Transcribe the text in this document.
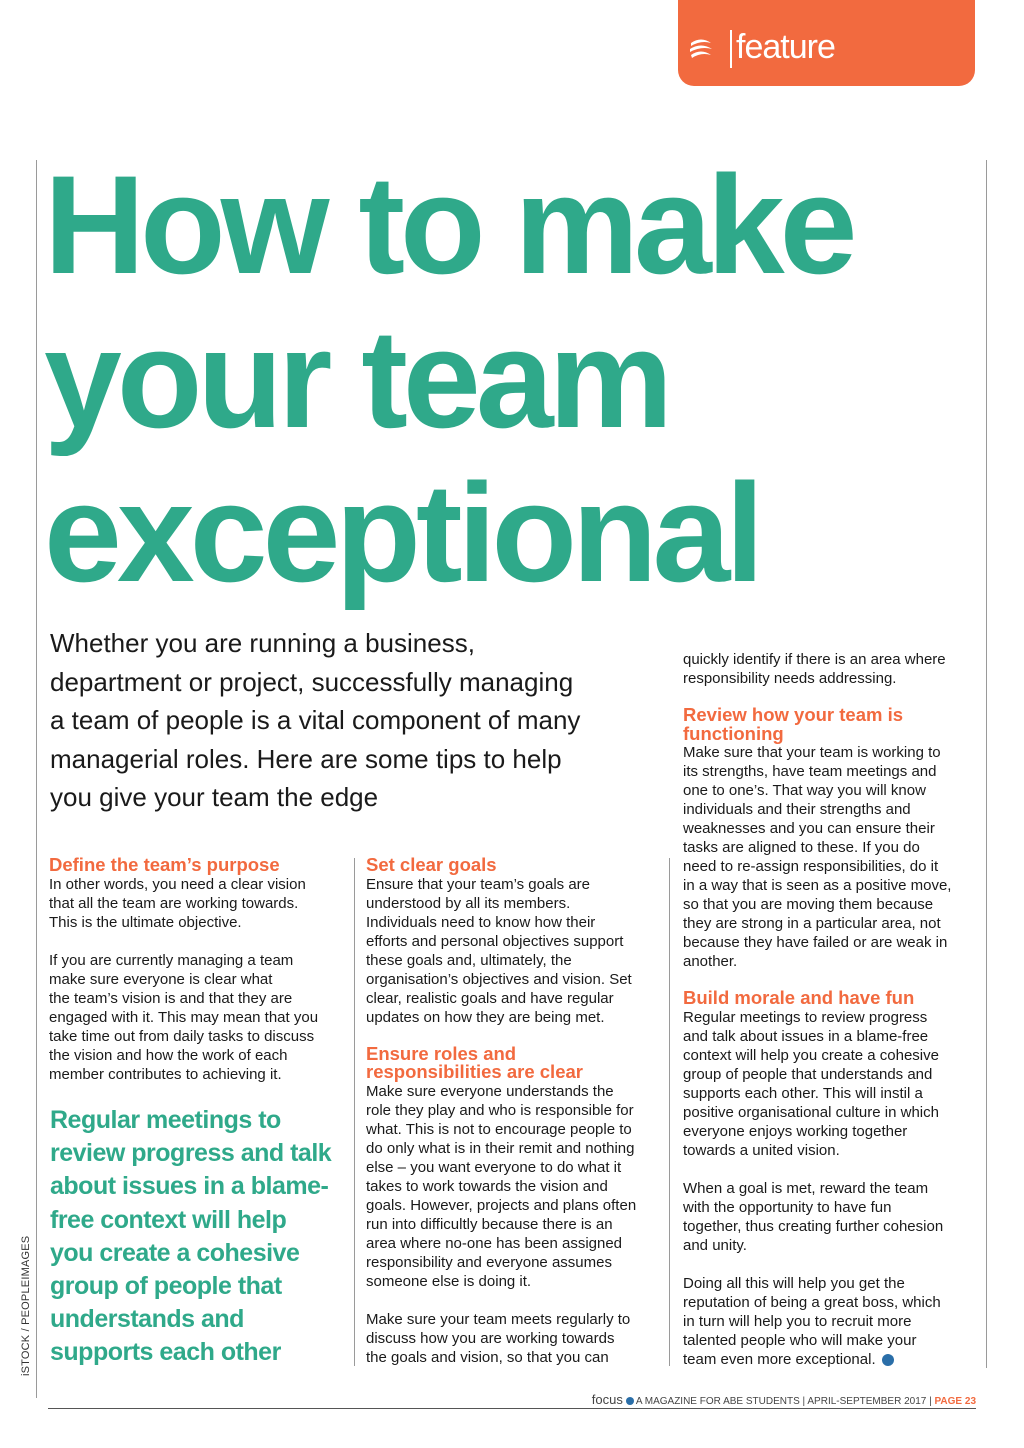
feature
How to make
your team
exceptional
Whether you are running a business,
department or project, successfully managing
a team of people is a vital component of many
managerial roles. Here are some tips to help
you give your team the edge
Define the team’s purpose

In other words, you need a clear vision
that all the team are working towards.
This is the ultimate objective.

If you are currently managing a team
make sure everyone is clear what
the team’s vision is and that they are
engaged with it. This may mean that you
take time out from daily tasks to discuss
the vision and how the work of each
member contributes to achieving it.

Regular meetings to
review progress and talk
about issues in a blame-
free context will help
you create a cohesive
group of people that
understands and
supports each other
iSTOCK / PEOPLEIMAGES
Set clear goals

Ensure that your team’s goals are
understood by all its members.
Individuals need to know how their
efforts and personal objectives support
these goals and, ultimately, the
organisation’s objectives and vision. Set
clear, realistic goals and have regular
updates on how they are being met.

Ensure roles and
responsibilities are clear

Make sure everyone understands the
role they play and who is responsible for
what. This is not to encourage people to
do only what is in their remit and nothing
else – you want everyone to do what it
takes to work towards the vision and
goals. However, projects and plans often
run into difficultly because there is an
area where no-one has been assigned
responsibility and everyone assumes
someone else is doing it.

Make sure your team meets regularly to
discuss how you are working towards
the goals and vision, so that you can

quickly identify if there is an area where
responsibility needs addressing.

Review how your team is
functioning

Make sure that your team is working to
its strengths, have team meetings and
one to one’s. That way you will know
individuals and their strengths and
weaknesses and you can ensure their
tasks are aligned to these. If you do
need to re-assign responsibilities, do it
in a way that is seen as a positive move,
so that you are moving them because
they are strong in a particular area, not
because they have failed or are weak in
another.

Build morale and have fun

Regular meetings to review progress
and talk about issues in a blame-free
context will help you create a cohesive
group of people that understands and
supports each other. This will instil a
positive organisational culture in which
everyone enjoys working together
towards a united vision.

When a goal is met, reward the team
with the opportunity to have fun
together, thus creating further cohesion
and unity.

Doing all this will help you get the
reputation of being a great boss, which
in turn will help you to recruit more
talented people who will make your
team even more exceptional.

focus A MAGAZINE FOR ABE STUDENTS | APRIL-SEPTEMBER 2017 | PAGE 23
